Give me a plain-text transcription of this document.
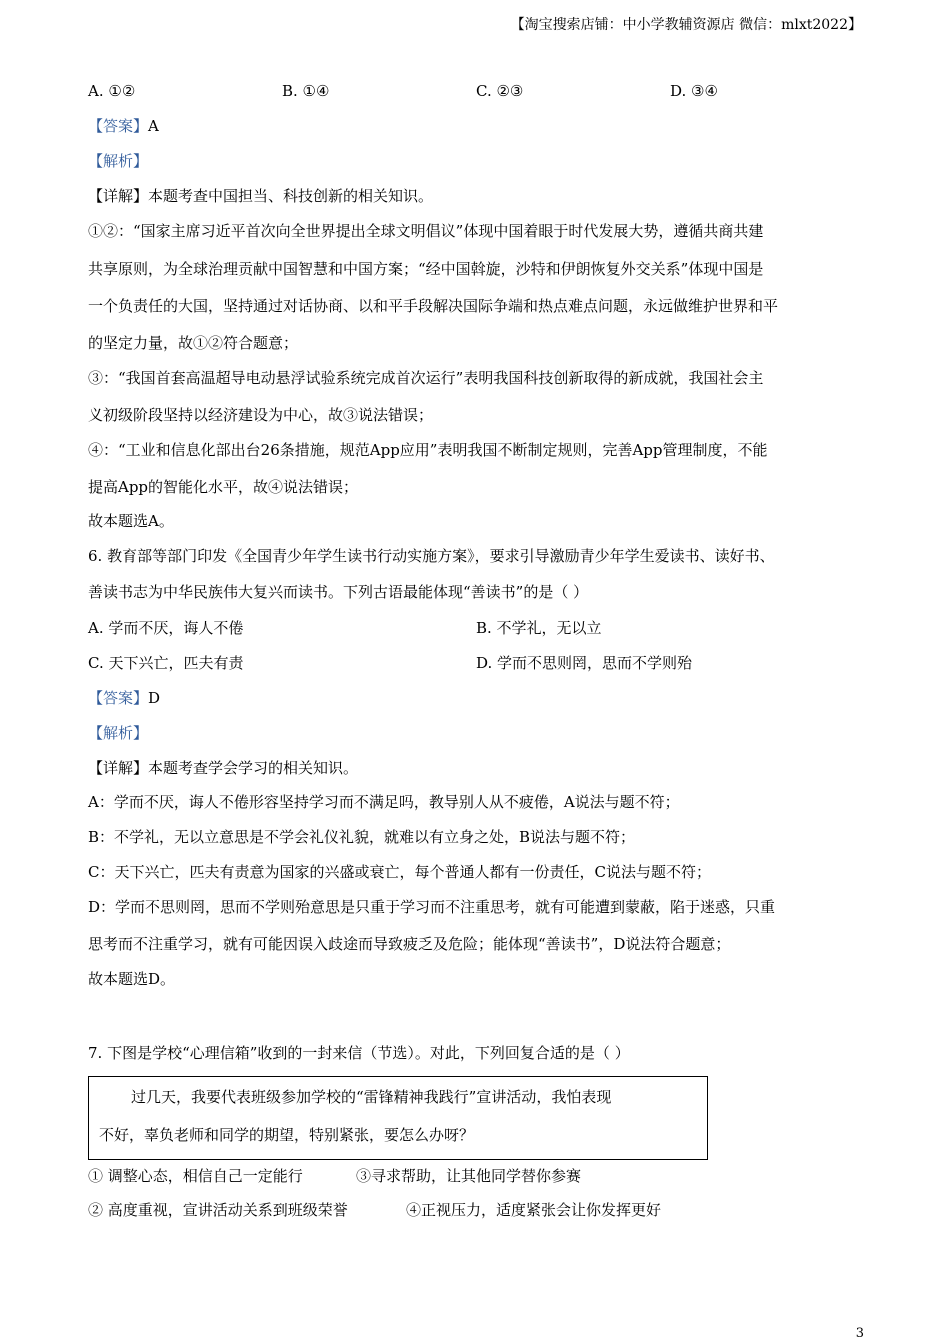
【淘宝搜索店铺：中小学教辅资源店 微信：mlxt2022】
A. ①②	B. ①④	C. ②③	D. ③④
【答案】A
【解析】
【详解】本题考查中国担当、科技创新的相关知识。
①②：“国家主席习近平首次向全世界提出全球文明倡议”体现中国着眼于时代发展大势，遵循共商共建
共享原则，为全球治理贡献中国智慧和中国方案；“经中国斡旋，沙特和伊朗恢复外交关系”体现中国是
一个负责任的大国，坚持通过对话协商、以和平手段解决国际争端和热点难点问题，永远做维护世界和平
的坚定力量，故①②符合题意；
③：“我国首套高温超导电动悬浮试验系统完成首次运行”表明我国科技创新取得的新成就，我国社会主
义初级阶段坚持以经济建设为中心，故③说法错误；
④：“工业和信息化部出台26条措施，规范App应用”表明我国不断制定规则，完善App管理制度，不能
提高App的智能化水平，故④说法错误；
故本题选A。
6. 教育部等部门印发《全国青少年学生读书行动实施方案》，要求引导激励青少年学生爱读书、读好书、
善读书志为中华民族伟大复兴而读书。下列古语最能体现“善读书”的是（ ）
A. 学而不厌，诲人不倦	B. 不学礼，无以立
C. 天下兴亡，匹夫有责	D. 学而不思则罔，思而不学则殆
【答案】D
【解析】
【详解】本题考查学会学习的相关知识。
A：学而不厌，诲人不倦形容坚持学习而不满足吗，教导别人从不疲倦，A说法与题不符；
B：不学礼，无以立意思是不学会礼仪礼貌，就难以有立身之处，B说法与题不符；
C：天下兴亡，匹夫有责意为国家的兴盛或衰亡，每个普通人都有一份责任，C说法与题不符；
D：学而不思则罔，思而不学则殆意思是只重于学习而不注重思考，就有可能遭到蒙蔽，陷于迷惑，只重
思考而不注重学习，就有可能因误入歧途而导致疲乏及危险；能体现“善读书”，D说法符合题意；
故本题选D。
7. 下图是学校“心理信箱”收到的一封来信（节选）。对此，下列回复合适的是（ ）
过几天，我要代表班级参加学校的“雷锋精神我践行”宣讲活动，我怕表现
不好，辜负老师和同学的期望，特别紧张，要怎么办呀？
① 调整心态，相信自己一定能行	③寻求帮助，让其他同学替你参赛
② 高度重视，宣讲活动关系到班级荣誉	④正视压力，适度紧张会让你发挥更好
3
